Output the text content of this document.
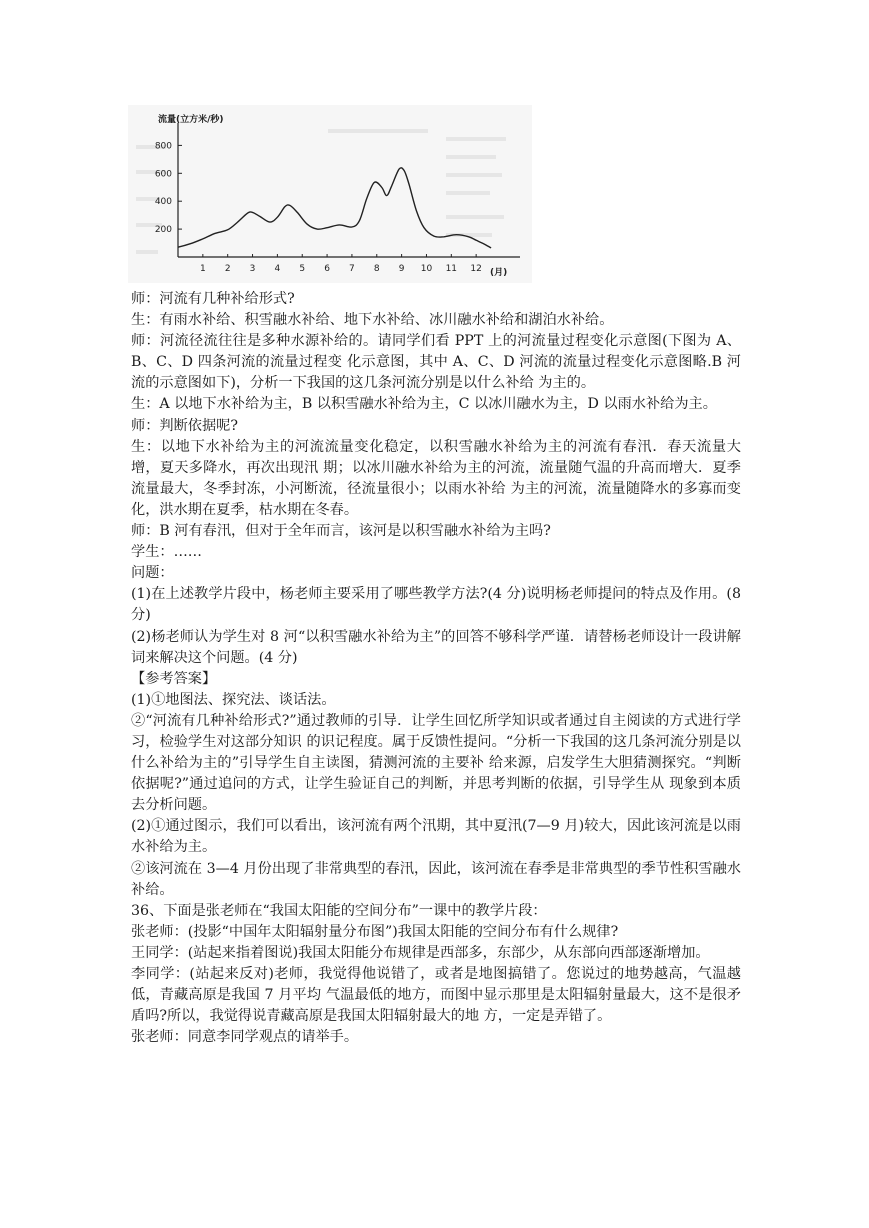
200
400
600
800
1 2 3 4 5 6 7 8 9 10 11 12
流量(立方米/秒)
(月)

师：河流有几种补给形式?

生：有雨水补给、积雪融水补给、地下水补给、冰川融水补给和湖泊水补给。

师：河流径流往往是多种水源补给的。请同学们看 PPT 上的河流量过程变化示意图(下图为 A、B、C、D 四条河流的流量过程变 化示意图，其中 A、C、D 河流的流量过程变化示意图略.B 河流的示意图如下)，分析一下我国的这几条河流分别是以什么补给 为主的。

生：A 以地下水补给为主，B 以积雪融水补给为主，C 以冰川融水为主，D 以雨水补给为主。

师：判断依据呢?

生：以地下水补给为主的河流流量变化稳定，以积雪融水补给为主的河流有春汛．春天流量大增，夏天多降水，再次出现汛 期；以冰川融水补给为主的河流，流量随气温的升高而增大．夏季流量最大，冬季封冻，小河断流，径流量很小；以雨水补给 为主的河流，流量随降水的多寡而变化，洪水期在夏季，枯水期在冬春。

师：B 河有春汛，但对于全年而言，该河是以积雪融水补给为主吗?

学生：……

问题：

(1)在上述教学片段中，杨老师主要采用了哪些教学方法?(4 分)说明杨老师提问的特点及作用。(8 分)

(2)杨老师认为学生对 8 河“以积雪融水补给为主”的回答不够科学严谨．请替杨老师设计一段讲解词来解决这个问题。(4 分)

【参考答案】

(1)①地图法、探究法、谈话法。

②“河流有几种补给形式?”通过教师的引导．让学生回忆所学知识或者通过自主阅读的方式进行学习，检验学生对这部分知识 的识记程度。属于反馈性提问。“分析一下我国的这几条河流分别是以什么补给为主的”引导学生自主读图，猜测河流的主要补 给来源，启发学生大胆猜测探究。“判断依据呢?”通过追问的方式，让学生验证自己的判断，并思考判断的依据，引导学生从 现象到本质去分析问题。

(2)①通过图示，我们可以看出，该河流有两个汛期，其中夏汛(7—9 月)较大，因此该河流是以雨水补给为主。

②该河流在 3—4 月份出现了非常典型的春汛，因此，该河流在春季是非常典型的季节性积雪融水补给。

36、下面是张老师在“我国太阳能的空间分布”一课中的教学片段：

张老师：(投影“中国年太阳辐射量分布图”)我国太阳能的空间分布有什么规律?

王同学：(站起来指着图说)我国太阳能分布规律是西部多，东部少，从东部向西部逐渐增加。

李同学：(站起来反对)老师，我觉得他说错了，或者是地图搞错了。您说过的地势越高，气温越低，青藏高原是我国 7 月平均 气温最低的地方，而图中显示那里是太阳辐射量最大，这不是很矛盾吗?所以，我觉得说青藏高原是我国太阳辐射最大的地 方，一定是弄错了。

张老师：同意李同学观点的请举手。
